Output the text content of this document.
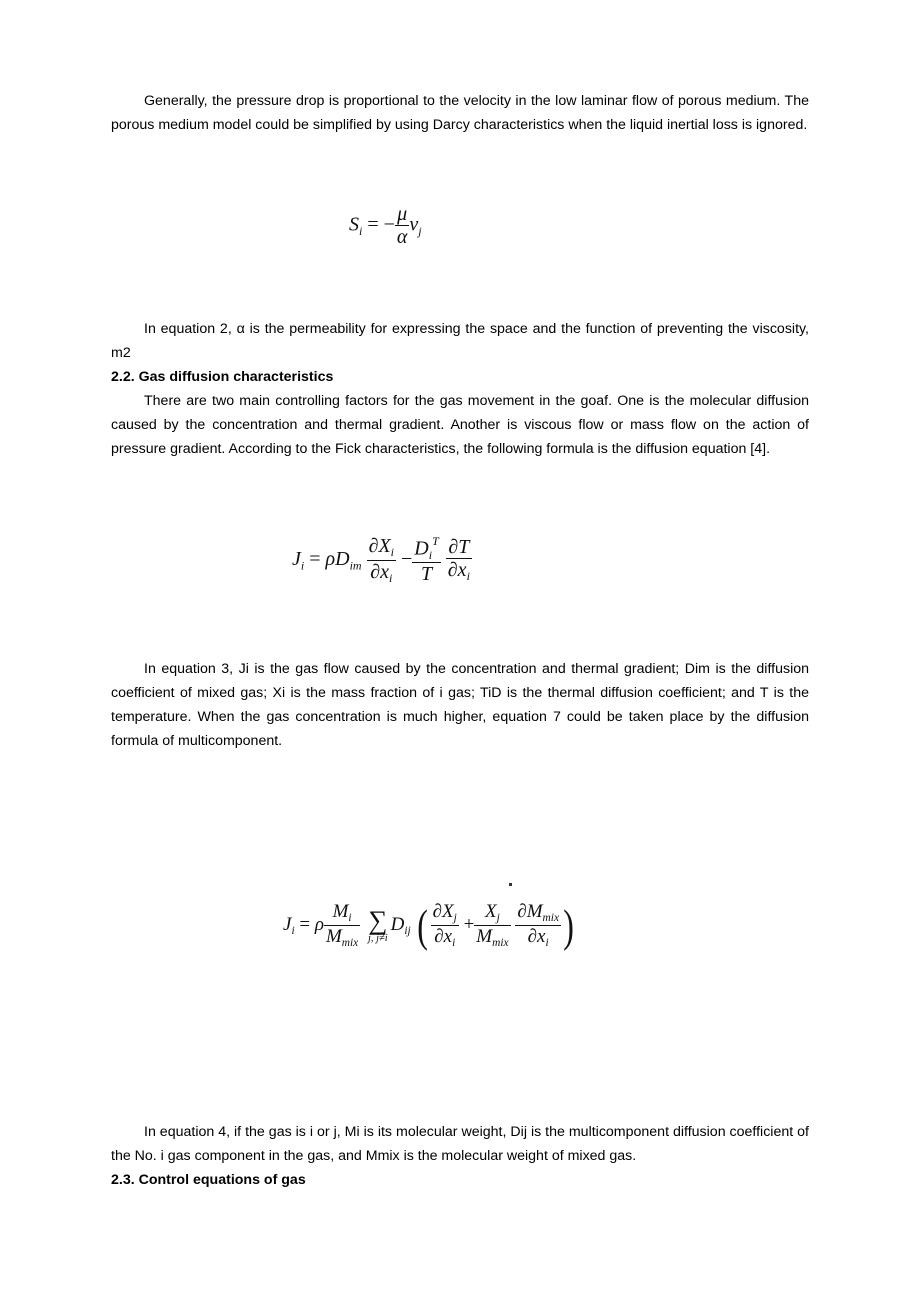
Generally, the pressure drop is proportional to the velocity in the low laminar flow of porous medium. The porous medium model could be simplified by using Darcy characteristics when the liquid inertial loss is ignored.

$S_i$ = − $\frac{\mu}{\alpha} v_j$

In equation 2, α is the permeability for expressing the space and the function of preventing the viscosity, m2

2.2. Gas diffusion characteristics

There are two main controlling factors for the gas movement in the goaf. One is the molecular diffusion caused by the concentration and thermal gradient. Another is viscous flow or mass flow on the action of pressure gradient. According to the Fick characteristics, the following formula is the diffusion equation [4].

$J_i = \rho D_{im} \frac{\partial X_i}{\partial x_i} - \frac{D_i^T}{T}$
$\frac{\partial T}{\partial x_i}$

In equation 3, Ji is the gas flow caused by the concentration and thermal gradient; Dim is the diffusion coefficient of mixed gas; Xi is the mass fraction of i gas; TiD is the thermal diffusion coefficient; and T is the temperature. When the gas concentration is much higher, equation 7 could be taken place by the diffusion formula of multicomponent.

$J_i = \rho \frac{M_i}{M_{mix}}$
∑
j, j≠i
$D_{ij}$ ( $\frac{\partial X_j}{\partial x_i} + \frac{X_j}{M_{mix}}$
$\frac{\partial M_{mix}}{\partial x_i}$ )

In equation 4, if the gas is i or j, Mi is its molecular weight, Dij is the multicomponent diffusion coefficient of the No. i gas component in the gas, and Mmix is the molecular weight of mixed gas.

2.3. Control equations of gas
